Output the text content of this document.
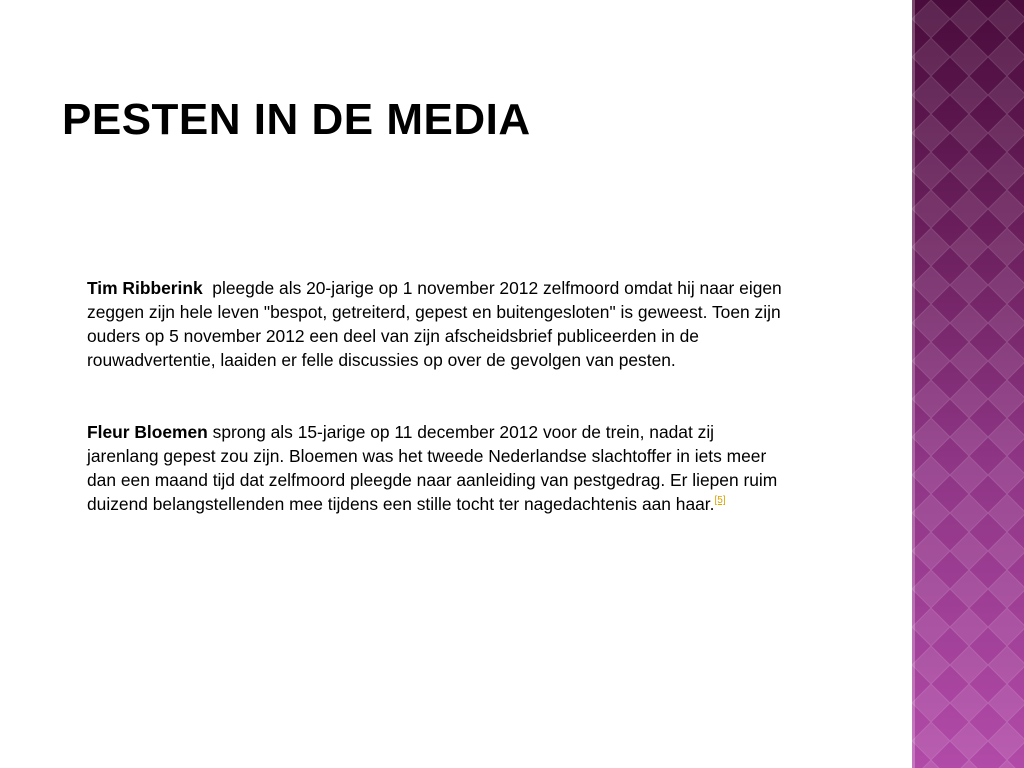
PESTEN IN DE MEDIA

Tim Ribberink  pleegde als 20-jarige op 1 november 2012 zelfmoord omdat hij naar eigen zeggen zijn hele leven "bespot, getreiterd, gepest en buitengesloten" is geweest. Toen zijn ouders op 5 november 2012 een deel van zijn afscheidsbrief publiceerden in de rouwadvertentie, laaiden er felle discussies op over de gevolgen van pesten.

Fleur Bloemen sprong als 15-jarige op 11 december 2012 voor de trein, nadat zij jarenlang gepest zou zijn. Bloemen was het tweede Nederlandse slachtoffer in iets meer dan een maand tijd dat zelfmoord pleegde naar aanleiding van pestgedrag. Er liepen ruim duizend belangstellenden mee tijdens een stille tocht ter nagedachtenis aan haar.[5]
